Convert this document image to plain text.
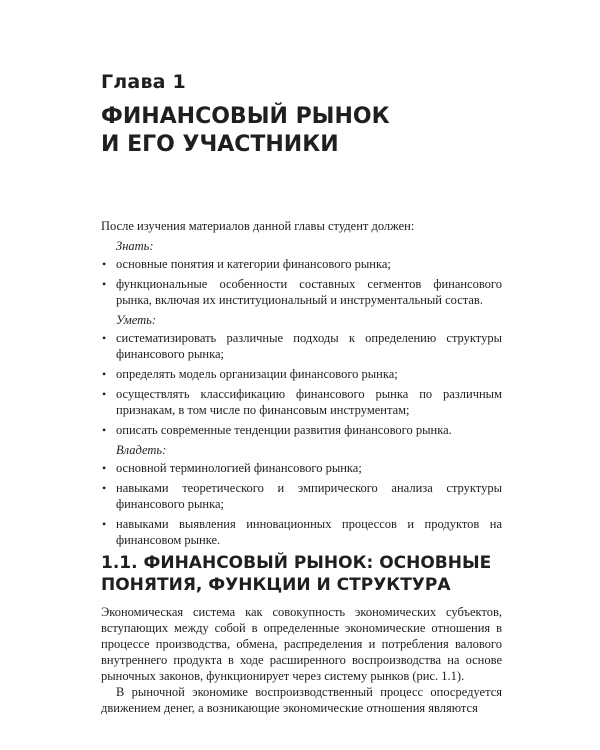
Глава 1
ФИНАНСОВЫЙ РЫНОК
И ЕГО УЧАСТНИКИ

После изучения материалов данной главы студент должен:

Знать:
• основные понятия и категории финансового рынка;
• функциональные особенности составных сегментов финансового рынка, включая их институциональный и инструментальный состав.
Уметь:
• систематизировать различные подходы к определению структуры финансового рынка;
• определять модель организации финансового рынка;
• осуществлять классификацию финансового рынка по различным признакам, в том числе по финансовым инструментам;
• описать современные тенденции развития финансового рынка.
Владеть:
• основной терминологией финансового рынка;
• навыками теоретического и эмпирического анализа структуры финансового рынка;
• навыками выявления инновационных процессов и продуктов на финансовом рынке.
1.1. ФИНАНСОВЫЙ РЫНОК: ОСНОВНЫЕ
ПОНЯТИЯ, ФУНКЦИИ И СТРУКТУРА

Экономическая система как совокупность экономических субъектов, вступающих между собой в определенные экономические отношения в процессе производства, обмена, распределения и потребления валового внутреннего продукта в ходе расширенного воспроизводства на основе рыночных законов, функционирует через систему рынков (рис. 1.1).

В рыночной экономике воспроизводственный процесс опосредуется движением денег, а возникающие экономические отношения являются
